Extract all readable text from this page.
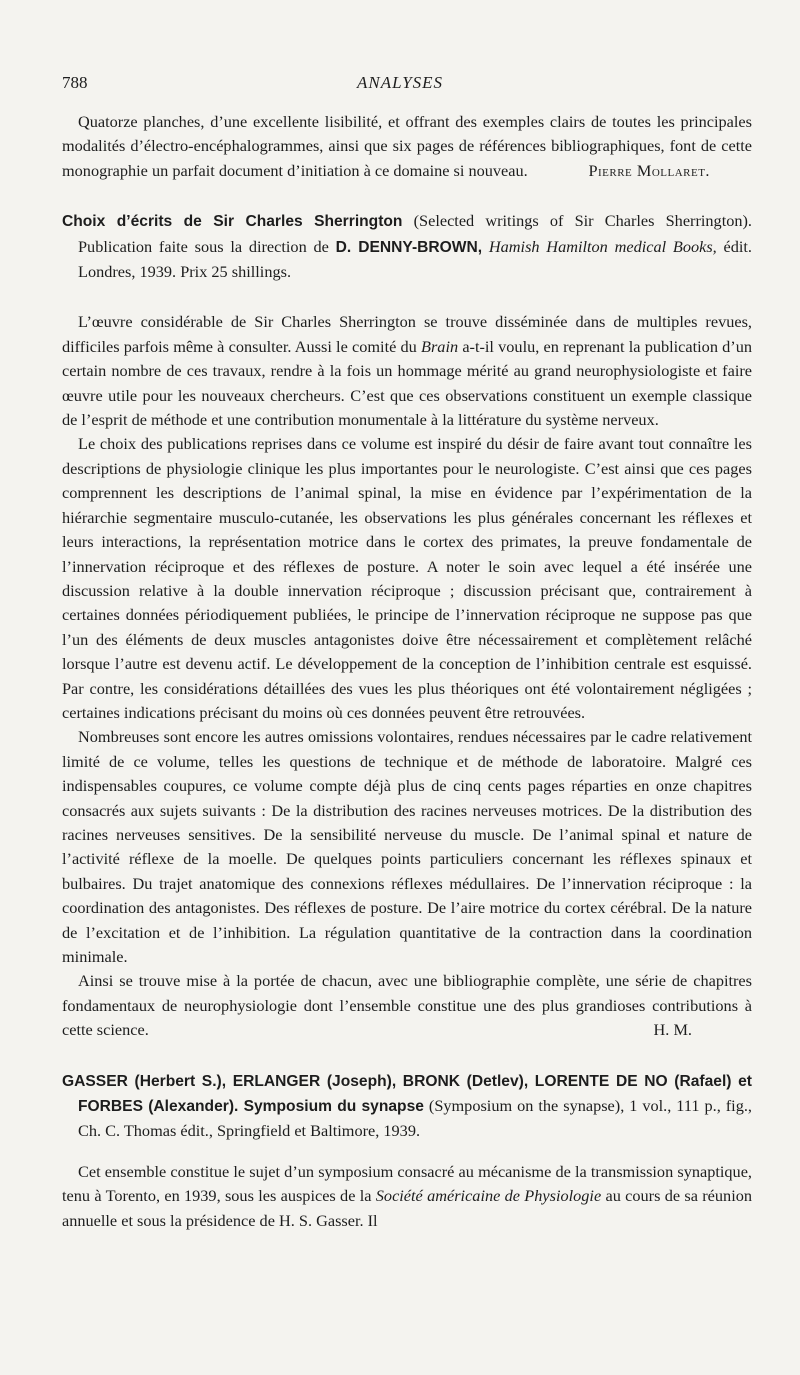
788	ANALYSES

Quatorze planches, d’une excellente lisibilité, et offrant des exemples clairs de toutes les principales modalités d’électro-encéphalogrammes, ainsi que six pages de références bibliographiques, font de cette monographie un parfait document d’initiation à ce domaine si nouveau.	Pierre Mollaret.

Choix d’écrits de Sir Charles Sherrington (Selected writings of Sir Charles Sherrington). Publication faite sous la direction de D. DENNY-BROWN, Hamish Hamilton medical Books, édit. Londres, 1939. Prix 25 shillings.

L’œuvre considérable de Sir Charles Sherrington se trouve disséminée dans de multiples revues, difficiles parfois même à consulter. Aussi le comité du Brain a-t-il voulu, en reprenant la publication d’un certain nombre de ces travaux, rendre à la fois un hommage mérité au grand neurophysiologiste et faire œuvre utile pour les nouveaux chercheurs. C’est que ces observations constituent un exemple classique de l’esprit de méthode et une contribution monumentale à la littérature du système nerveux.

Le choix des publications reprises dans ce volume est inspiré du désir de faire avant tout connaître les descriptions de physiologie clinique les plus importantes pour le neurologiste. C’est ainsi que ces pages comprennent les descriptions de l’animal spinal, la mise en évidence par l’expérimentation de la hiérarchie segmentaire musculo-cutanée, les observations les plus générales concernant les réflexes et leurs interactions, la représentation motrice dans le cortex des primates, la preuve fondamentale de l’innervation réciproque et des réflexes de posture. A noter le soin avec lequel a été insérée une discussion relative à la double innervation réciproque ; discussion précisant que, contrairement à certaines données périodiquement publiées, le principe de l’innervation réciproque ne suppose pas que l’un des éléments de deux muscles antagonistes doive être nécessairement et complètement relâché lorsque l’autre est devenu actif. Le développement de la conception de l’inhibition centrale est esquissé. Par contre, les considérations détaillées des vues les plus théoriques ont été volontairement négligées ; certaines indications précisant du moins où ces données peuvent être retrouvées.

Nombreuses sont encore les autres omissions volontaires, rendues nécessaires par le cadre relativement limité de ce volume, telles les questions de technique et de méthode de laboratoire. Malgré ces indispensables coupures, ce volume compte déjà plus de cinq cents pages réparties en onze chapitres consacrés aux sujets suivants : De la distribution des racines nerveuses motrices. De la distribution des racines nerveuses sensitives. De la sensibilité nerveuse du muscle. De l’animal spinal et nature de l’activité réflexe de la moelle. De quelques points particuliers concernant les réflexes spinaux et bulbaires. Du trajet anatomique des connexions réflexes médullaires. De l’innervation réciproque : la coordination des antagonistes. Des réflexes de posture. De l’aire motrice du cortex cérébral. De la nature de l’excitation et de l’inhibition. La régulation quantitative de la contraction dans la coordination minimale.

Ainsi se trouve mise à la portée de chacun, avec une bibliographie complète, une série de chapitres fondamentaux de neurophysiologie dont l’ensemble constitue une des plus grandioses contributions à cette science.	H. M.

GASSER (Herbert S.), ERLANGER (Joseph), BRONK (Detlev), LORENTE DE NO (Rafael) et FORBES (Alexander). Symposium du synapse (Symposium on the synapse), 1 vol., 111 p., fig., Ch. C. Thomas édit., Springfield et Baltimore, 1939.

Cet ensemble constitue le sujet d’un symposium consacré au mécanisme de la transmission synaptique, tenu à Torento, en 1939, sous les auspices de la Société américaine de Physiologie au cours de sa réunion annuelle et sous la présidence de H. S. Gasser. Il
